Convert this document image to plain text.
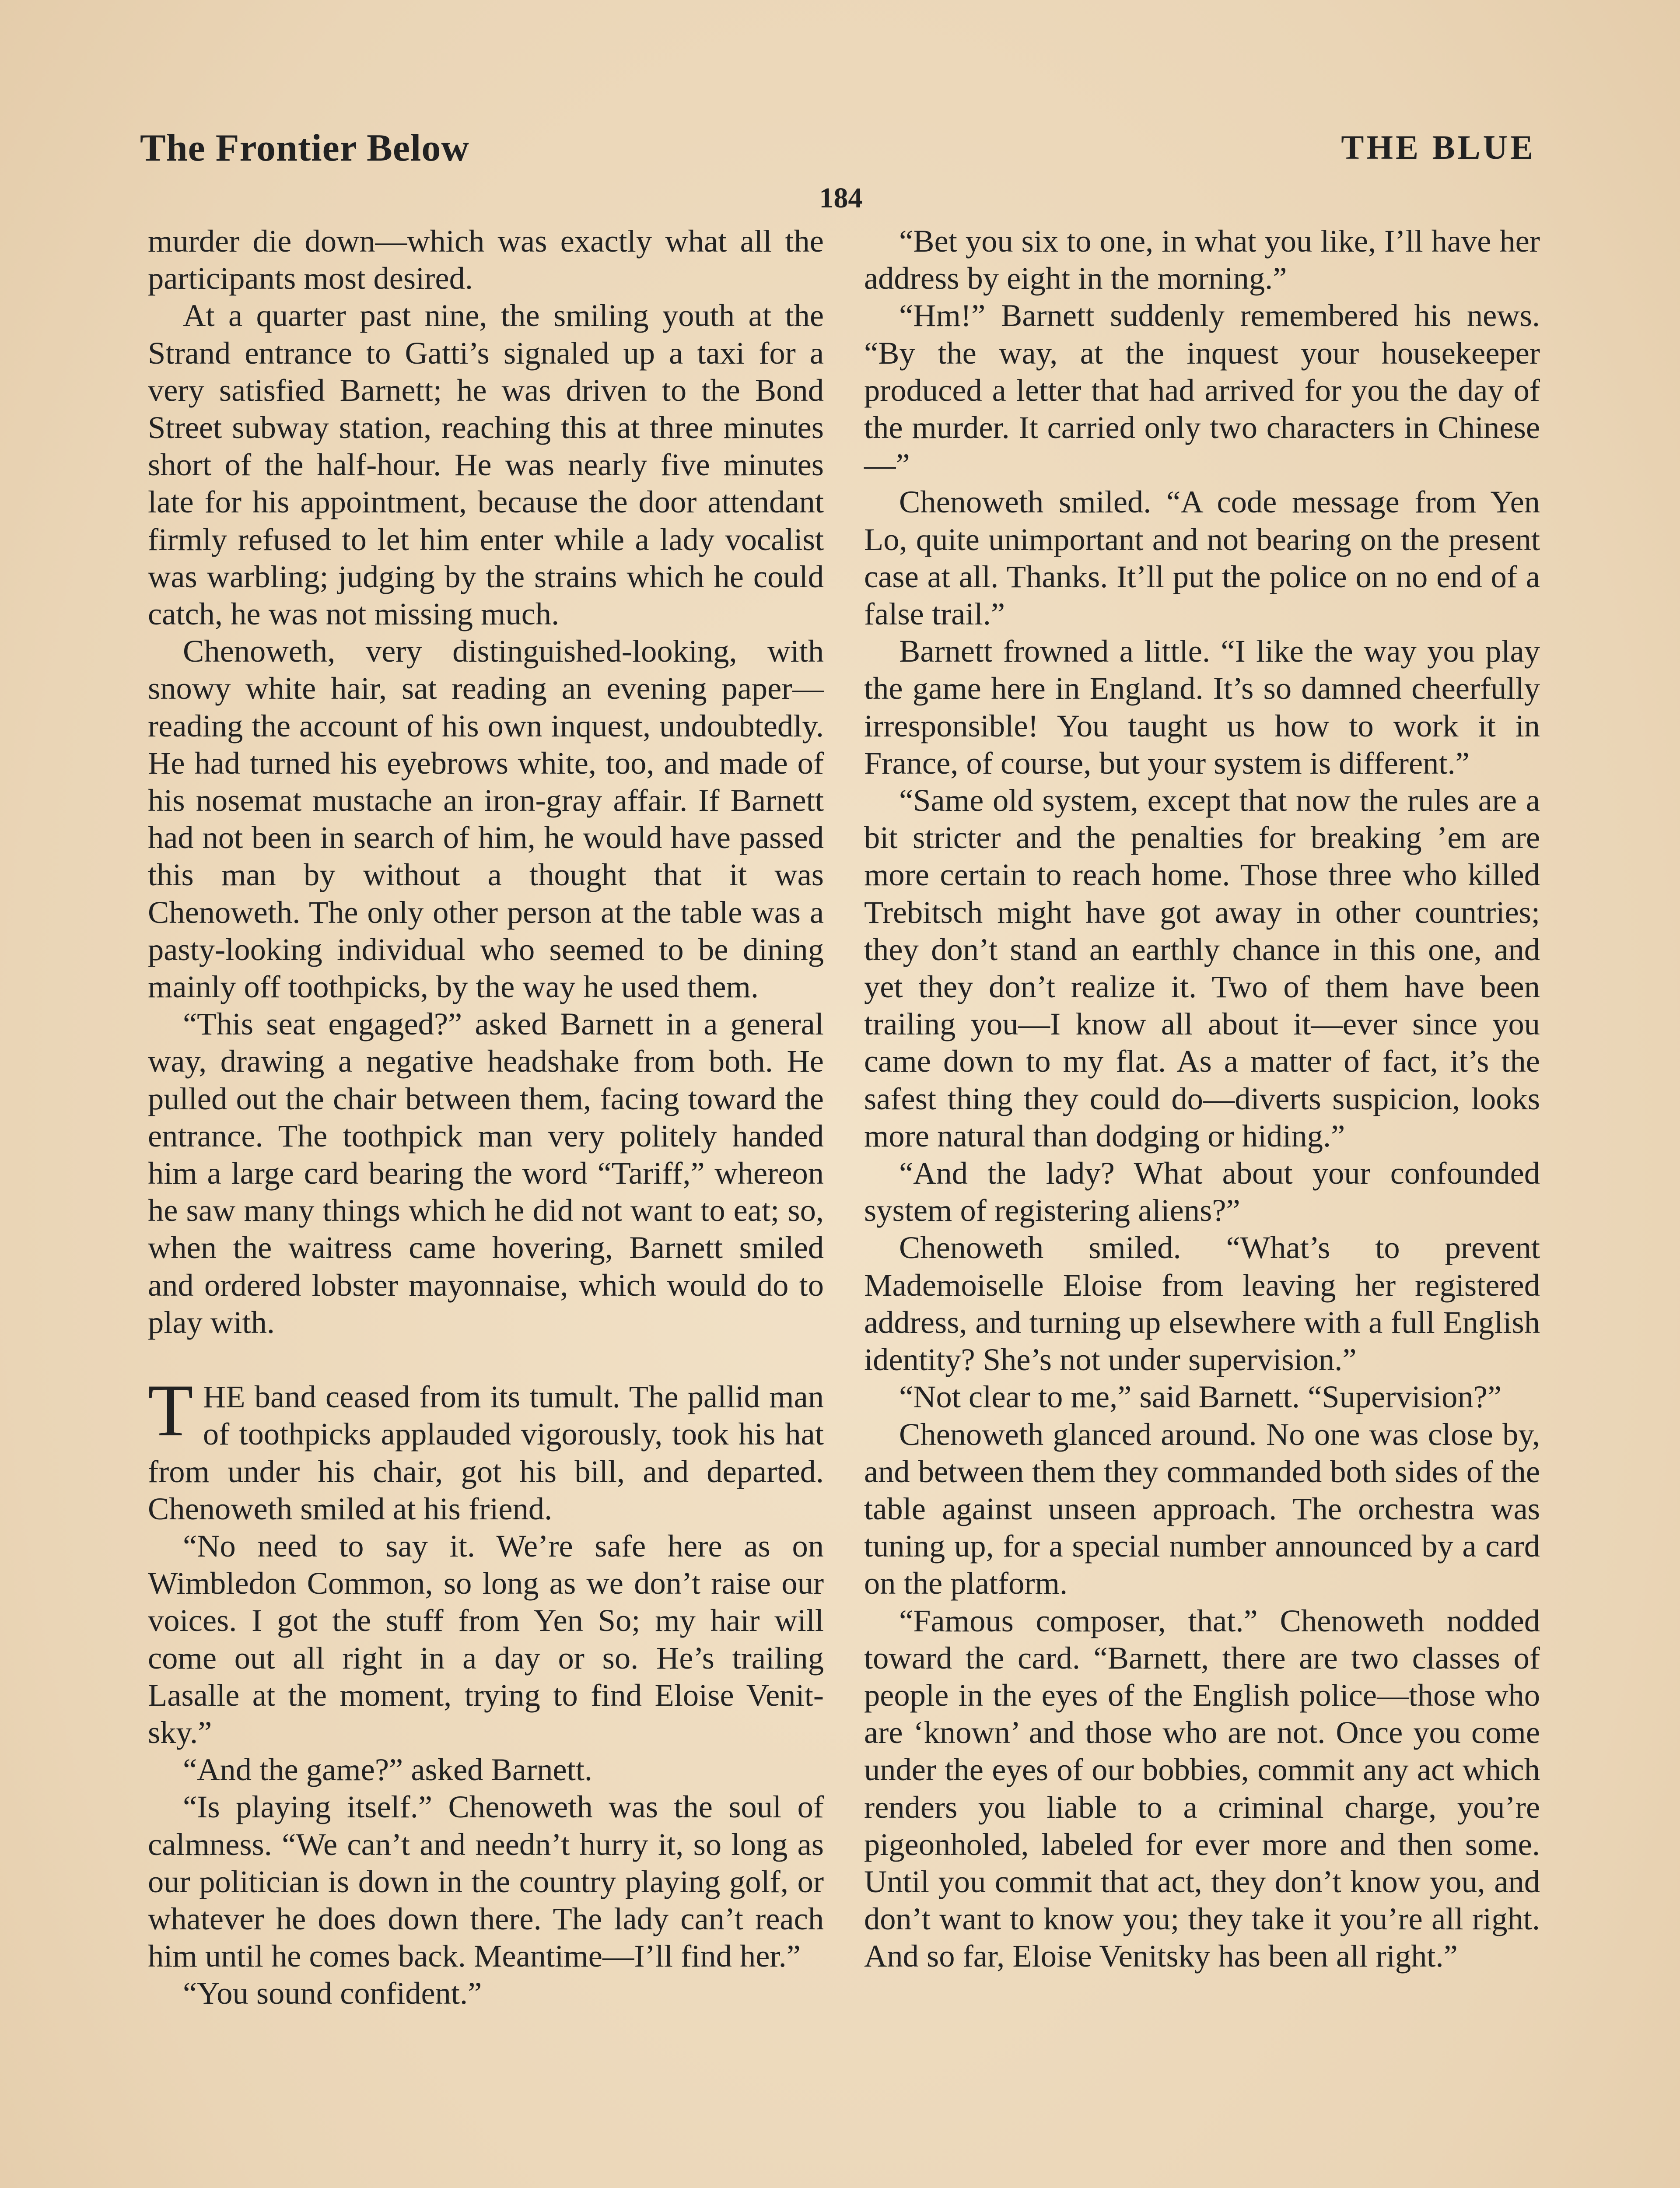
The Frontier Below	THE BLUE
184

murder die down—which was exactly what all the participants most desired.

At a quarter past nine, the smiling youth at the Strand entrance to Gatti’s signaled up a taxi for a very satisfied Barnett; he was driven to the Bond Street subway station, reaching this at three minutes short of the half-hour. He was nearly five minutes late for his appointment, because the door attendant firmly refused to let him enter while a lady vocalist was warbling; judging by the strains which he could catch, he was not missing much.

Chenoweth, very distinguished-looking, with snowy white hair, sat reading an evening paper—reading the account of his own inquest, undoubtedly. He had turned his eyebrows white, too, and made of his nosemat mustache an iron-gray affair. If Barnett had not been in search of him, he would have passed this man by without a thought that it was Chenoweth. The only other person at the table was a pasty-looking individual who seemed to be dining mainly off toothpicks, by the way he used them.

“This seat engaged?” asked Barnett in a general way, drawing a negative headshake from both. He pulled out the chair between them, facing toward the entrance. The toothpick man very politely handed him a large card bearing the word “Tariff,” whereon he saw many things which he did not want to eat; so, when the waitress came hovering, Barnett smiled and ordered lobster mayonnaise, which would do to play with.

THE band ceased from its tumult. The pallid man of toothpicks applauded vigorously, took his hat from under his chair, got his bill, and departed. Chenoweth smiled at his friend.

“No need to say it. We’re safe here as on Wimbledon Common, so long as we don’t raise our voices. I got the stuff from Yen So; my hair will come out all right in a day or so. He’s trailing Lasalle at the moment, trying to find Eloise Venitsky.”

“And the game?” asked Barnett.

“Is playing itself.” Chenoweth was the soul of calmness. “We can’t and needn’t hurry it, so long as our politician is down in the country playing golf, or whatever he does down there. The lady can’t reach him until he comes back. Meantime—I’ll find her.”

“You sound confident.”

“Bet you six to one, in what you like, I’ll have her address by eight in the morning.”

“Hm!” Barnett suddenly remembered his news. “By the way, at the inquest your housekeeper produced a letter that had arrived for you the day of the murder. It carried only two characters in Chinese—”

Chenoweth smiled. “A code message from Yen Lo, quite unimportant and not bearing on the present case at all. Thanks. It’ll put the police on no end of a false trail.”

Barnett frowned a little. “I like the way you play the game here in England. It’s so damned cheerfully irresponsible! You taught us how to work it in France, of course, but your system is different.”

“Same old system, except that now the rules are a bit stricter and the penalties for breaking ’em are more certain to reach home. Those three who killed Trebitsch might have got away in other countries; they don’t stand an earthly chance in this one, and yet they don’t realize it. Two of them have been trailing you—I know all about it—ever since you came down to my flat. As a matter of fact, it’s the safest thing they could do—diverts suspicion, looks more natural than dodging or hiding.”

“And the lady? What about your confounded system of registering aliens?”

Chenoweth smiled. “What’s to prevent Mademoiselle Eloise from leaving her registered address, and turning up elsewhere with a full English identity? She’s not under supervision.”

“Not clear to me,” said Barnett. “Supervision?”

Chenoweth glanced around. No one was close by, and between them they commanded both sides of the table against unseen approach. The orchestra was tuning up, for a special number announced by a card on the platform.

“Famous composer, that.” Chenoweth nodded toward the card. “Barnett, there are two classes of people in the eyes of the English police—those who are ‘known’ and those who are not. Once you come under the eyes of our bobbies, commit any act which renders you liable to a criminal charge, you’re pigeonholed, labeled for ever more and then some. Until you commit that act, they don’t know you, and don’t want to know you; they take it you’re all right. And so far, Eloise Venitsky has been all right.”
